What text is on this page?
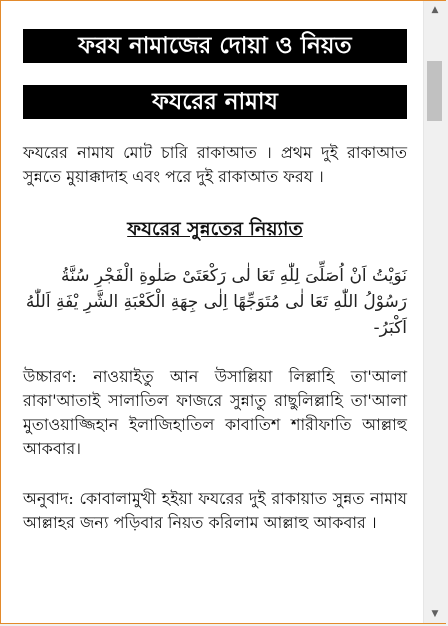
ফরয নামাজের দোয়া ও নিয়ত
ফযরের নামায

ফযরের নামায মোট চারি রাকাআত । প্রথম দুই রাকাআত সুন্নতে মুয়াক্কাদাহ এবং পরে দুই রাকাআত ফরয ।

ফযরের সুন্নতের নিয়্যাত

نَوَيْتُ اَنْ اُصَلِّىَ لِلّٰهِ تَعَا لٰى رَكْعَتَىْ صَلٰوةِ الْفَجْرِ سُنَّةُ رَسُوْلُ اللّٰهِ تَعَا لٰى مُتَوَجِّهًا اِلٰى جِهَةِ الْكَعْبَةِ الشَّرِ يْفَةِ اَللّٰهُ اَكْبَرُ-

উচ্চারণ: নাওয়াইতু আন উসাল্লিয়া লিল্লাহি তা'আলা রাকা'আতাই সালাতিল ফাজরে সুন্নাতু রাছুলিল্লাহি তা'আলা মুতাওয়াজ্জিহান ইলাজিহাতিল কাবাতিশ শারীফাতি আল্লাহু আকবার।

অনুবাদ: কোবালামুখী হইয়া ফযরের দুই রাকায়াত সুন্নত নামায আল্লাহর জন্য পড়িবার নিয়ত করিলাম আল্লাহু আকবার ।

▲
▼
